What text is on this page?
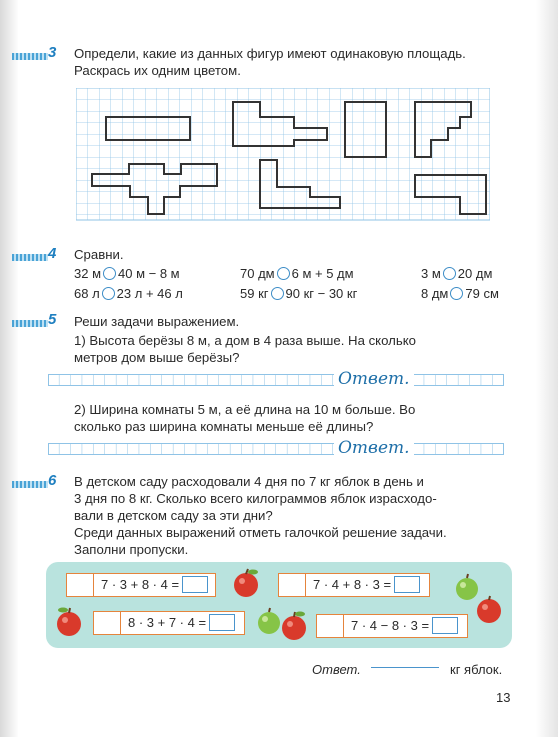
3 Определи, какие из данных фигур имеют одинаковую площадь.
Раскрась их одним цветом.
4 Сравни.
32 м 40 м − 8 м	70 дм 6 м + 5 дм	3 м 20 дм
68 л 23 л + 46 л	59 кг 90 кг − 30 кг	8 дм 79 см
5 Реши задачи выражением.
1) Высота берёзы 8 м, а дом в 4 раза выше. На сколько
метров дом выше берёзы?
Ответ.
2) Ширина комнаты 5 м, а её длина на 10 м больше. Во
сколько раз ширина комнаты меньше её длины?
Ответ.
6 В детском саду расходовали 4 дня по 7 кг яблок в день и
3 дня по 8 кг. Сколько всего килограммов яблок израсходо-
вали в детском саду за эти дни?
Среди данных выражений отметь галочкой решение задачи.
Заполни пропуски.
7 · 3 + 8 · 4 =	7 · 4 + 8 · 3 =
8 · 3 + 7 · 4 =	7 · 4 − 8 · 3 =
Ответ.	кг яблок.
13
